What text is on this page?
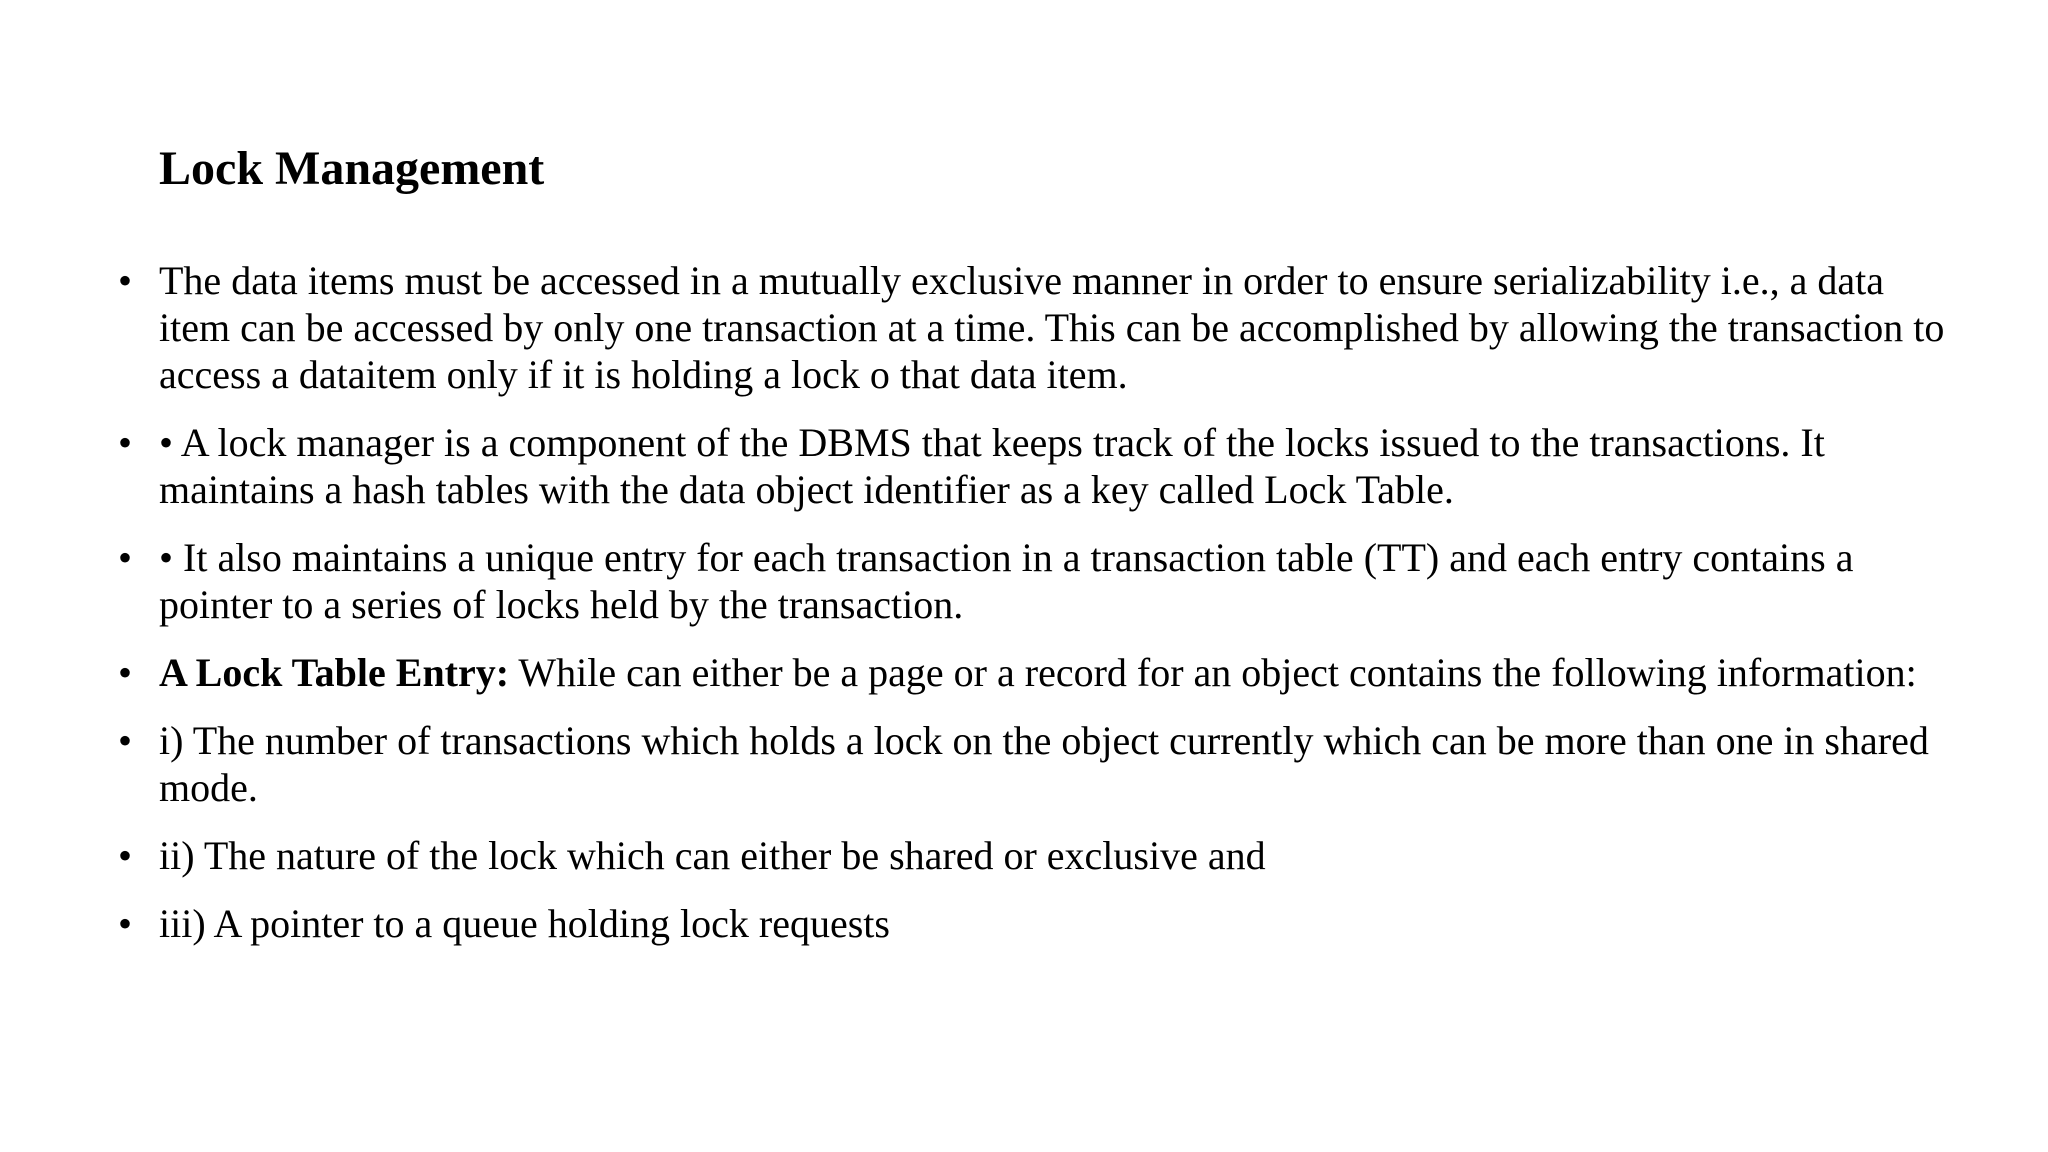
Lock Management
• The data items must be accessed in a mutually exclusive manner in order to ensure serializability i.e., a data item can be accessed by only one transaction at a time. This can be accomplished by allowing the transaction to access a dataitem only if it is holding a lock o that data item.
• • A lock manager is a component of the DBMS that keeps track of the locks issued to the transactions. It maintains a hash tables with the data object identifier as a key called Lock Table.
• • It also maintains a unique entry for each transaction in a transaction table (TT) and each entry contains a pointer to a series of locks held by the transaction.
• A Lock Table Entry: While can either be a page or a record for an object contains the following information:
• i) The number of transactions which holds a lock on the object currently which can be more than one in shared mode.
• ii) The nature of the lock which can either be shared or exclusive and
• iii) A pointer to a queue holding lock requests
